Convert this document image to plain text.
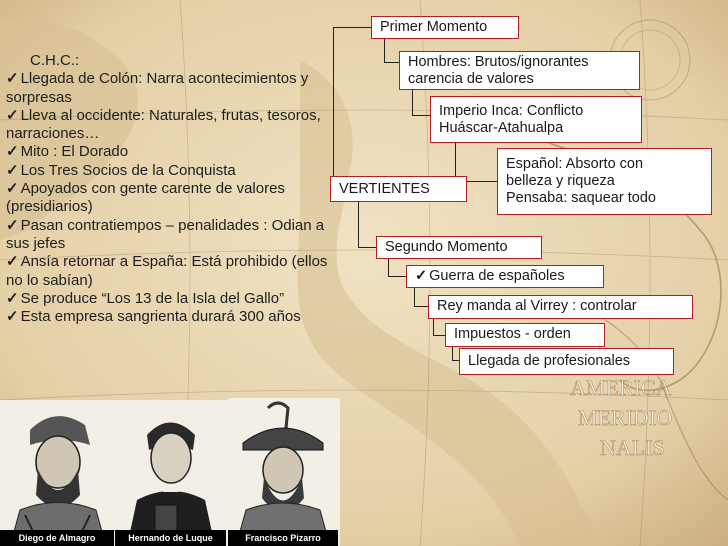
AMERICA
MERIDIO
NALIS
C.H.C.:
✓ Llegada de Colón: Narra acontecimientos y sorpresas
✓ Lleva al occidente: Naturales, frutas, tesoros, narraciones…
✓ Mito : El Dorado
✓ Los Tres Socios de la Conquista
✓ Apoyados con gente carente de valores (presidiarios)
✓ Pasan contratiempos – penalidades : Odian a sus jefes
✓ Ansía retornar a España: Está prohibido (ellos no lo sabían)
✓ Se produce “Los 13 de la Isla del Gallo”
✓ Esta empresa sangrienta durará 300 años
Primer Momento
Hombres: Brutos/ignorantes
carencia de valores
Imperio Inca: Conflicto
Huáscar-Atahualpa
Español: Absorto con
belleza y riqueza
Pensaba: saquear todo
VERTIENTES
Segundo Momento
✓ Guerra de españoles
Rey manda al Virrey : controlar
Impuestos - orden
Llegada de profesionales
Diego de Almagro	Hernando de Luque	Francisco Pizarro
